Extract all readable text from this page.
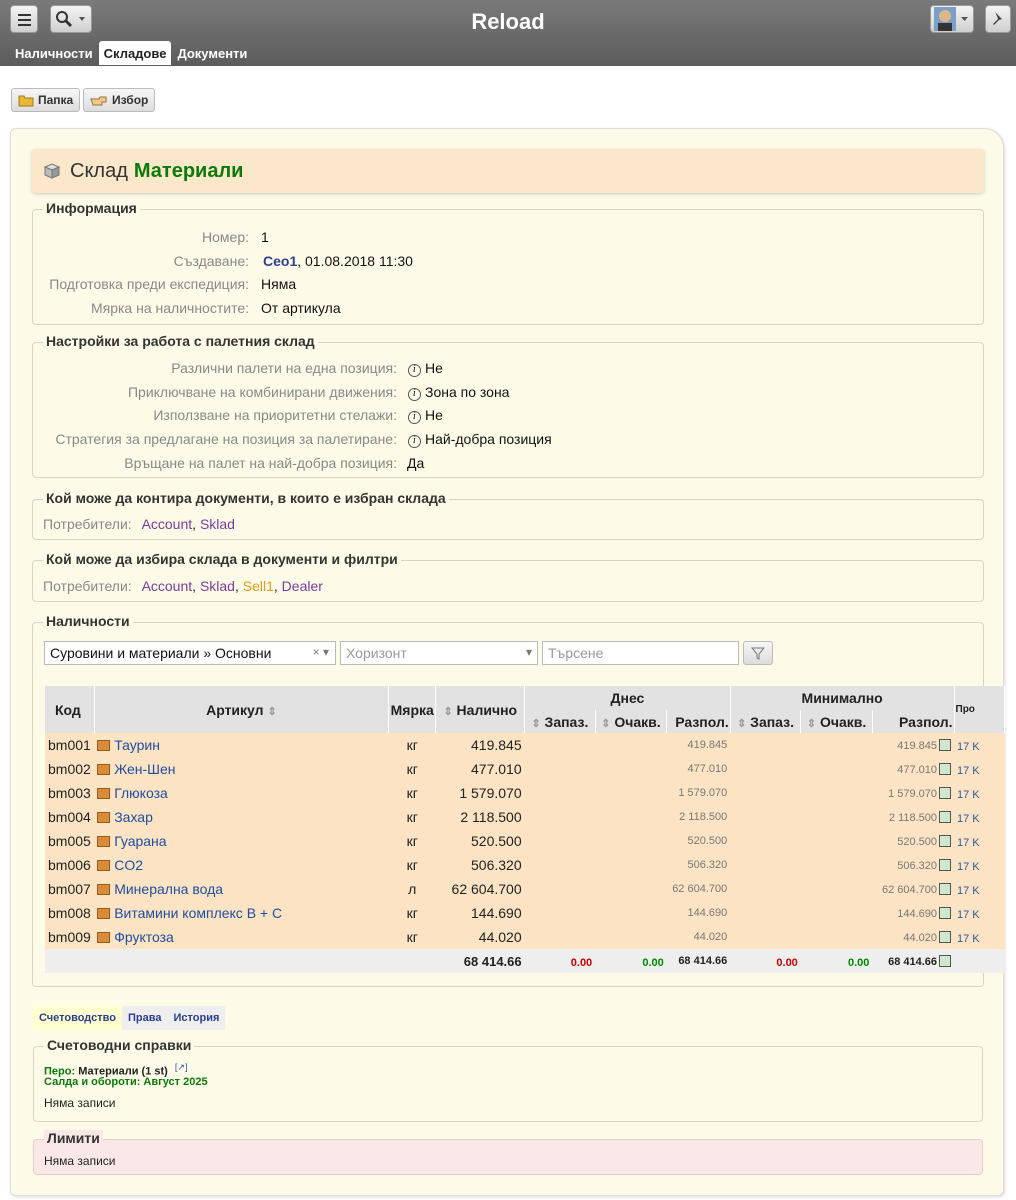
Reload
Наличности Складове Документи
Папка	Избор
Склад Материали
Информация
Номер: 1
Създаване: Ceo1, 01.08.2018 11:30
Подготовка преди експедиция: Няма
Мярка на наличностите: От артикула
Настройки за работа с палетния склад
Различни палети на една позиция:	i Не
Приключване на комбинирани движения:	i Зона по зона
Използване на приоритетни стелажи:	i Не
Стратегия за предлагане на позиция за палетиране:	i Най-добра позиция
Връщане на палет на най-добра позиция: Да
Кой може да контира документи, в които е избран склада
Потребители: Account, Sklad
Кой може да избира склада в документи и филтри
Потребители: Account, Sklad, Sell1, Dealer
Наличности
Суровини и материали » Основни	× ▾	Хоризонт	▾	Търсене
Код	Артикул ⇕	Мярка	⇕ Налично	Днес			Минимално			Про
				⇕ Запаз.	⇕ Очакв.	Разпол.	⇕ Запаз.	⇕ Очакв.	Разпол.	
bm001	Таурин	кг	419.845			419.845			419.845	17 K
bm002	Жен-Шен	кг	477.010			477.010			477.010	17 K
bm003	Глюкоза	кг	1 579.070			1 579.070			1 579.070	17 K
bm004	Захар	кг	2 118.500			2 118.500			2 118.500	17 K
bm005	Гуарана	кг	520.500			520.500			520.500	17 K
bm006	CO2	кг	506.320			506.320			506.320	17 K
bm007	Минерална вода	л	62 604.700			62 604.700			62 604.700	17 K
bm008	Витамини комплекс B + C	кг	144.690			144.690			144.690	17 K
bm009	Фруктоза	кг	44.020			44.020			44.020	17 K
			68 414.66	0.00	0.00	68 414.66	0.00	0.00	68 414.66	
Счетоводство	Права	История
Счетоводни справки
Перо: Материали (1 st) [↗]
Салда и обороти: Август 2025
Няма записи
Лимити
Няма записи
